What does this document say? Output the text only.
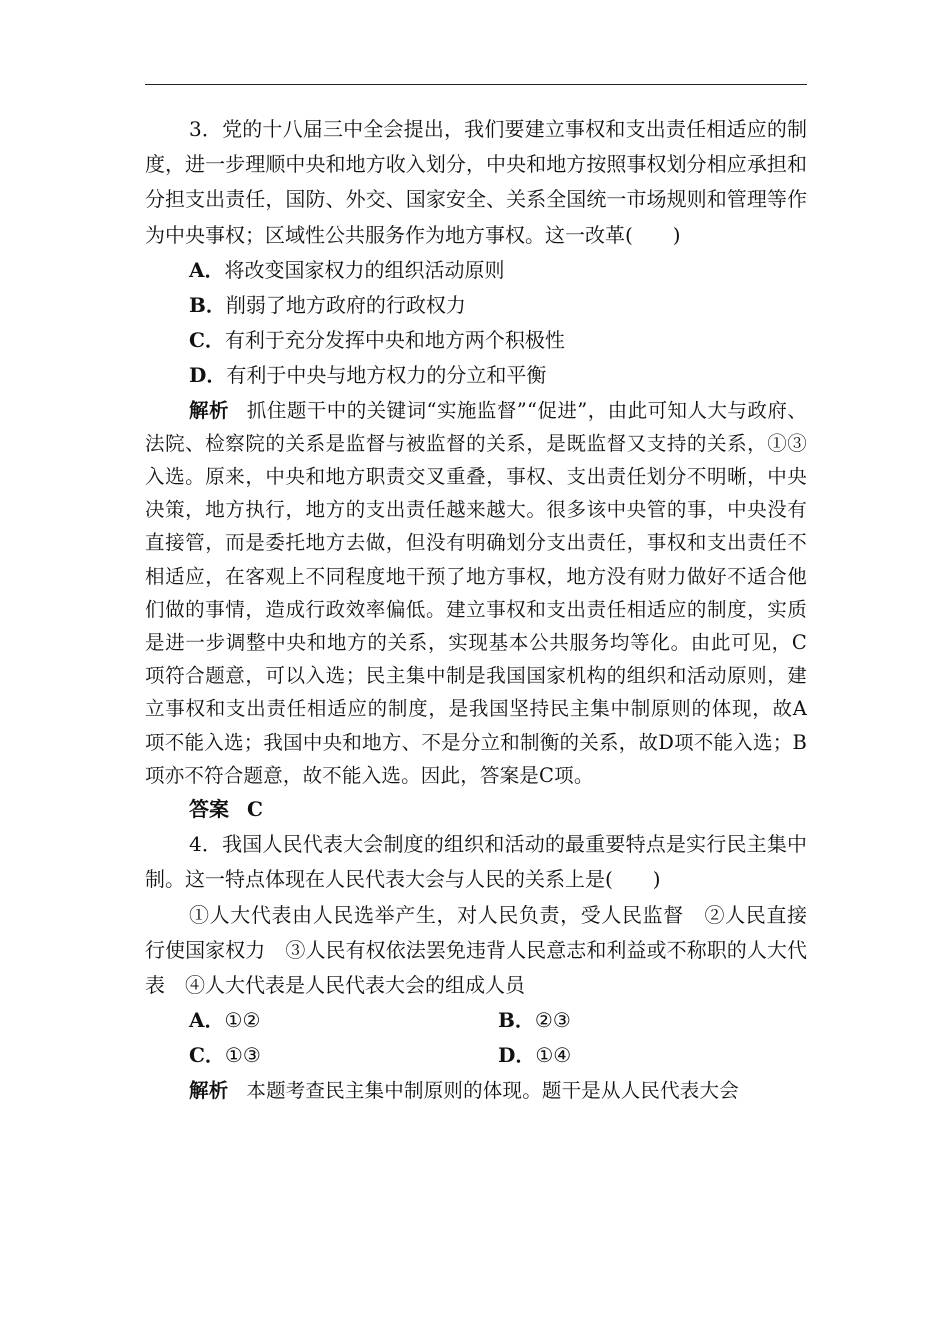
3．党的十八届三中全会提出，我们要建立事权和支出责任相适应的制度，进一步理顺中央和地方收入划分，中央和地方按照事权划分相应承担和分担支出责任，国防、外交、国家安全、关系全国统一市场规则和管理等作为中央事权；区域性公共服务作为地方事权。这一改革(　　)

A．将改变国家权力的组织活动原则

B．削弱了地方政府的行政权力

C．有利于充分发挥中央和地方两个积极性

D．有利于中央与地方权力的分立和平衡

解析 抓住题干中的关键词“实施监督”“促进”，由此可知人大与政府、法院、检察院的关系是监督与被监督的关系，是既监督又支持的关系，①③入选。原来，中央和地方职责交叉重叠，事权、支出责任划分不明晰，中央决策，地方执行，地方的支出责任越来越大。很多该中央管的事，中央没有直接管，而是委托地方去做，但没有明确划分支出责任，事权和支出责任不相适应，在客观上不同程度地干预了地方事权，地方没有财力做好不适合他们做的事情，造成行政效率偏低。建立事权和支出责任相适应的制度，实质是进一步调整中央和地方的关系，实现基本公共服务均等化。由此可见，C项符合题意，可以入选；民主集中制是我国国家机构的组织和活动原则，建立事权和支出责任相适应的制度，是我国坚持民主集中制原则的体现，故A项不能入选；我国中央和地方、不是分立和制衡的关系，故D项不能入选；B项亦不符合题意，故不能入选。因此，答案是C项。

答案 C

4．我国人民代表大会制度的组织和活动的最重要特点是实行民主集中制。这一特点体现在人民代表大会与人民的关系上是(　　)

①人大代表由人民选举产生，对人民负责，受人民监督　②人民直接行使国家权力　③人民有权依法罢免违背人民意志和利益或不称职的人大代表　④人大代表是人民代表大会的组成人员

A．①②	B．②③
C．①③	D．①④

解析 本题考查民主集中制原则的体现。题干是从人民代表大会
